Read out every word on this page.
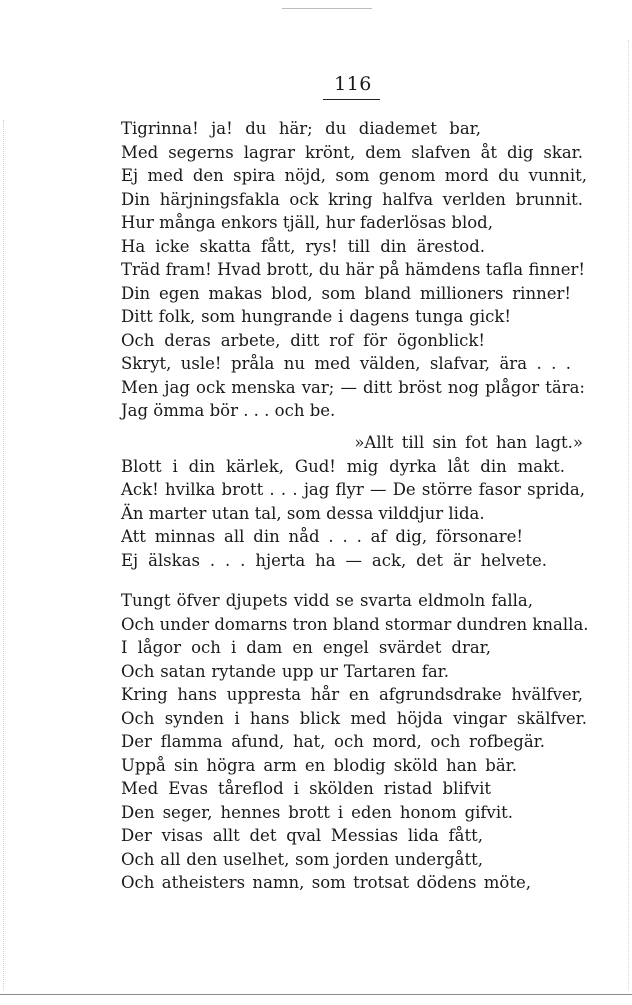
116
Tigrinna! ja! du här; du diademet bar,
Med segerns lagrar krönt, dem slafven åt dig skar.
Ej med den spira nöjd, som genom mord du vunnit,
Din härjningsfakla ock kring halfva verlden brunnit.
Hur många enkors tjäll, hur faderlösas blod,
Ha icke skatta fått, rys! till din ärestod.
Träd fram! Hvad brott, du här på hämdens tafla finner!
Din egen makas blod, som bland millioners rinner!
Ditt folk, som hungrande i dagens tunga gick!
Och deras arbete, ditt rof för ögonblick!
Skryt, usle! pråla nu med välden, slafvar, ära . . .
Men jag ock menska var; — ditt bröst nog plågor tära:
Jag ömma bör . . . och be.
»Allt till sin fot han lagt.»
Blott i din kärlek, Gud! mig dyrka låt din makt.
Ack! hvilka brott . . . jag flyr — De större fasor sprida,
Än marter utan tal, som dessa vilddjur lida.
Att minnas all din nåd . . . af dig, försonare!
Ej älskas . . . hjerta ha — ack, det är helvete.
Tungt öfver djupets vidd se svarta eldmoln falla,
Och under domarns tron bland stormar dundren knalla.
I lågor och i dam en engel svärdet drar,
Och satan rytande upp ur Tartaren far.
Kring hans uppresta hår en afgrundsdrake hvälfver,
Och synden i hans blick med höjda vingar skälfver.
Der flamma afund, hat, och mord, och rofbegär.
Uppå sin högra arm en blodig sköld han bär.
Med Evas tåreflod i skölden ristad blifvit
Den seger, hennes brott i eden honom gifvit.
Der visas allt det qval Messias lida fått,
Och all den uselhet, som jorden undergått,
Och atheisters namn, som trotsat dödens möte,
